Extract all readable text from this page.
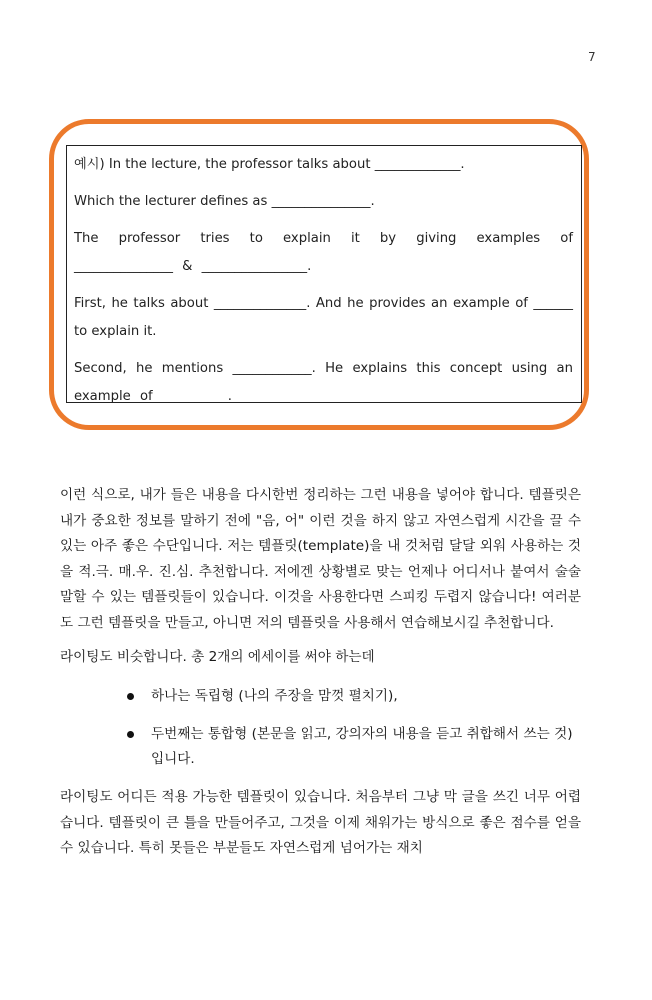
7

예시) In the lecture, the professor talks about _____________.

Which the lecturer defines as _______________.

The professor tries to explain it by giving examples of _______________ & ________________.

First, he talks about ______________. And he provides an example of ______ to explain it.

Second, he mentions ____________. He explains this concept using an example of __________.

이런 식으로, 내가 들은 내용을 다시한번 정리하는 그런 내용을 넣어야 합니다. 템플릿은 내가 중요한 정보를 말하기 전에 "음, 어" 이런 것을 하지 않고 자연스럽게 시간을 끌 수 있는 아주 좋은 수단입니다. 저는 템플릿(template)을 내 것처럼 달달 외워 사용하는 것을 적.극. 매.우. 진.심. 추천합니다. 저에겐 상황별로 맞는 언제나 어디서나 붙여서 술술 말할 수 있는 템플릿들이 있습니다. 이것을 사용한다면 스피킹 두렵지 않습니다! 여러분도 그런 템플릿을 만들고, 아니면 저의 템플릿을 사용해서 연습해보시길 추천합니다.

라이팅도 비슷합니다. 총 2개의 에세이를 써야 하는데

하나는 독립형 (나의 주장을 맘껏 펼치기),
두번째는 통합형 (본문을 읽고, 강의자의 내용을 듣고 취합해서 쓰는 것)입니다.

라이팅도 어디든 적용 가능한 템플릿이 있습니다. 처음부터 그냥 막 글을 쓰긴 너무 어렵습니다. 템플릿이 큰 틀을 만들어주고, 그것을 이제 채워가는 방식으로 좋은 점수를 얻을 수 있습니다. 특히 못들은 부분들도 자연스럽게 넘어가는 재치
